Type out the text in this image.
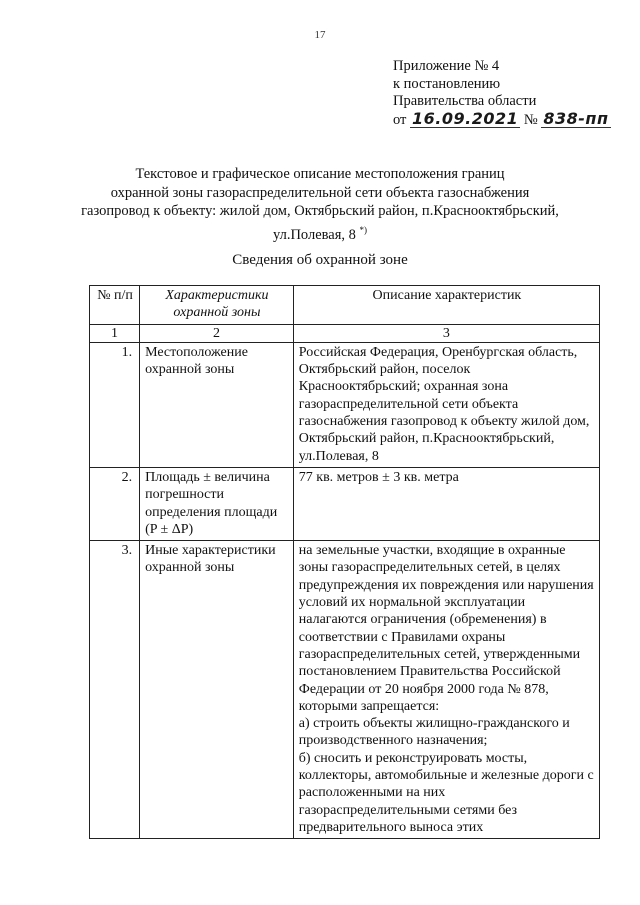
17
Приложение № 4
к постановлению
Правительства области
от 16.09.2021 № 838-пп
Текстовое и графическое описание местоположения границ
охранной зоны газораспределительной сети объекта газоснабжения
газопровод к объекту: жилой дом, Октябрьский район, п.Краснооктябрьский,
ул.Полевая, 8 *)
Сведения об охранной зоне
№ п/п	Характеристики охранной зоны	Описание характеристик
1	2	3
1.	Местоположение охранной зоны	Российская Федерация, Оренбургская область, Октябрьский район, поселок Краснооктябрьский; охранная зона газораспределительной сети объекта газоснабжения газопровод к объекту жилой дом, Октябрьский район, п.Краснооктябрьский, ул.Полевая, 8
2.	Площадь ± величина погрешности определения площади (P ± ΔP)	77 кв. метров ± 3 кв. метра
3.	Иные характеристики охранной зоны	на земельные участки, входящие в охранные зоны газораспределительных сетей, в целях предупреждения их повреждения или нарушения условий их нормальной эксплуатации налагаются ограничения (обременения) в соответствии с Правилами охраны газораспределительных сетей, утвержденными постановлением Правительства Российской Федерации от 20 ноября 2000 года № 878, которыми запрещается:
а) строить объекты жилищно-гражданского и производственного назначения;
б) сносить и реконструировать мосты, коллекторы, автомобильные и железные дороги с расположенными на них газораспределительными сетями без предварительного выноса этих
